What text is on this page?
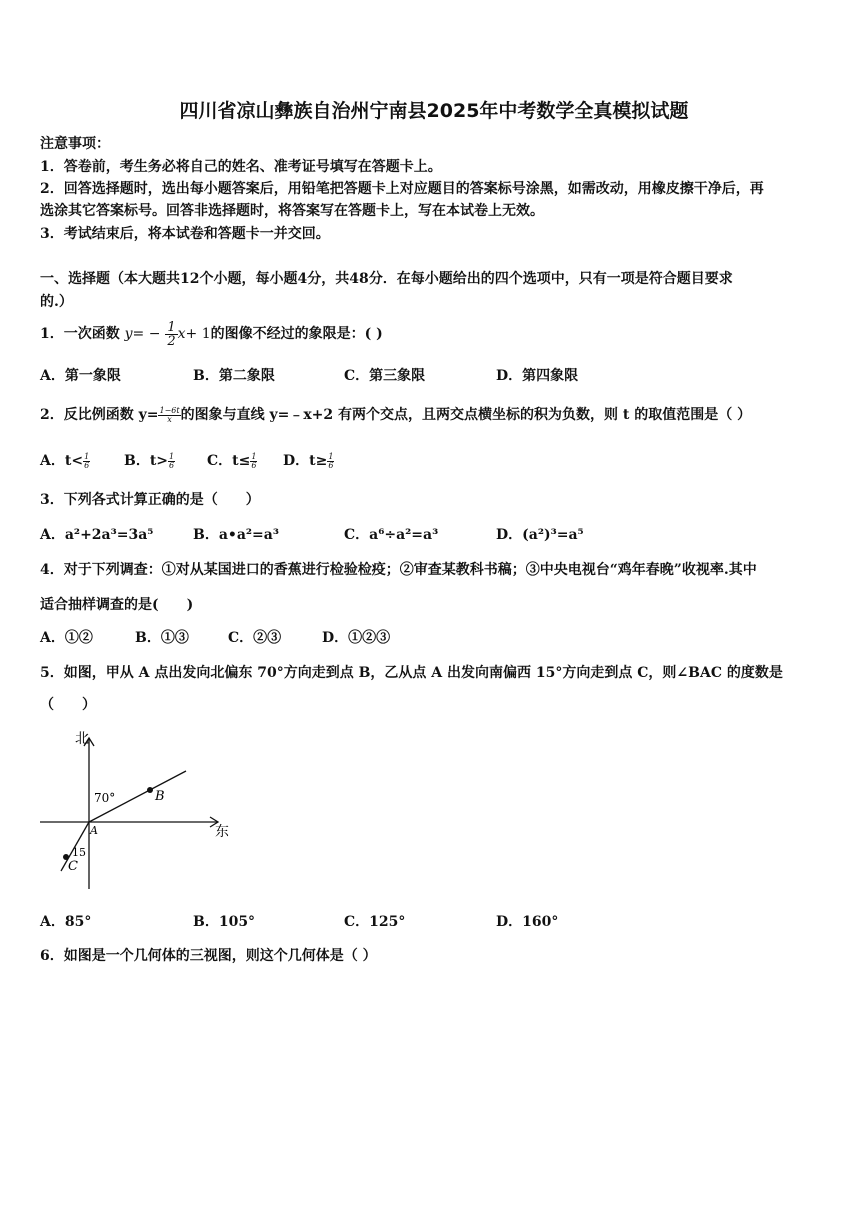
四川省凉山彝族自治州宁南县2025年中考数学全真模拟试题
注意事项：
1．答卷前，考生务必将自己的姓名、准考证号填写在答题卡上。
2．回答选择题时，选出每小题答案后，用铅笔把答题卡上对应题目的答案标号涂黑，如需改动，用橡皮擦干净后，再
选涂其它答案标号。回答非选择题时，将答案写在答题卡上，写在本试卷上无效。
3．考试结束后，将本试卷和答题卡一并交回。
一、选择题（本大题共12个小题，每小题4分，共48分．在每小题给出的四个选项中，只有一项是符合题目要求
的.）
1．一次函数 $y= - \frac{1}{2} x+ 1$的图像不经过的象限是：( )
A．第一象限	B．第二象限	C．第三象限	D．第四象限
2．反比例函数 $y= \frac{1-6t}{x}$ 的图象与直线 y=﹣x+2 有两个交点，且两交点横坐标的积为负数，则 t 的取值范围是（ ）
A．$t< \frac{1}{6}$ B．$t> \frac{1}{6}$ C．$t\le \frac{1}{6}$ D．$t\ge \frac{1}{6}$
3．下列各式计算正确的是（　　）
A．a²+2a³=3a⁵	B．a•a²=a³	C．a⁶÷a²=a³	D．(a²)³=a⁵
4．对于下列调查：①对从某国进口的香蕉进行检验检疫；②审查某教科书稿；③中央电视台“鸡年春晚”收视率.其中
适合抽样调查的是(　　)
A．①②	B．①③	C．②③	D．①②③
5．如图，甲从 A 点出发向北偏东 70°方向走到点 B，乙从点 A 出发向南偏西 15°方向走到点 C，则∠BAC 的度数是
（　　）
北
东
70°
15
A
B
C
A．85°	B．105°	C．125°	D．160°
6．如图是一个几何体的三视图，则这个几何体是（ ）
